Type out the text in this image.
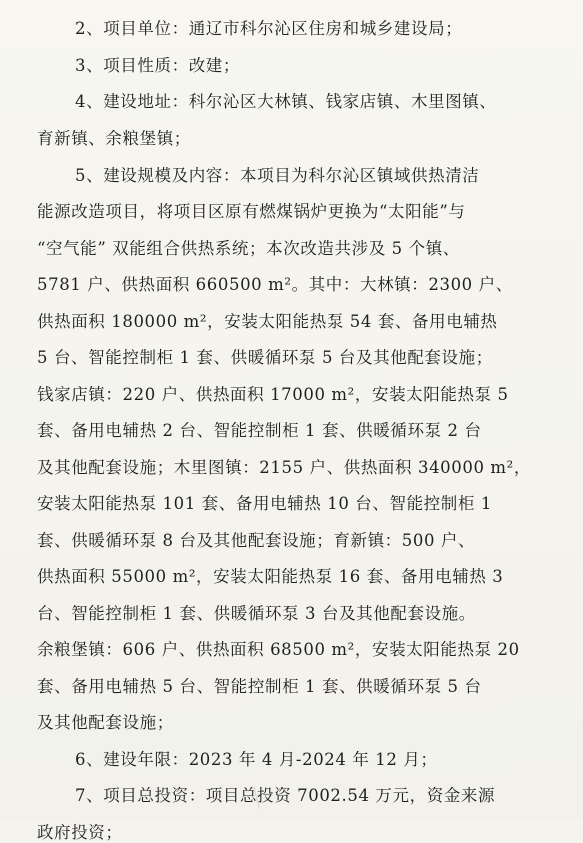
2、项目单位：通辽市科尔沁区住房和城乡建设局；
3、项目性质：改建；
4、建设地址：科尔沁区大林镇、钱家店镇、木里图镇、
育新镇、余粮堡镇；
5、建设规模及内容：本项目为科尔沁区镇域供热清洁
能源改造项目，将项目区原有燃煤锅炉更换为“太阳能”与
“空气能” 双能组合供热系统；本次改造共涉及 5 个镇、
5781 户、供热面积 660500 m²。其中：大林镇：2300 户、
供热面积 180000 m²，安装太阳能热泵 54 套、备用电辅热
5 台、智能控制柜 1 套、供暖循环泵 5 台及其他配套设施；
钱家店镇：220 户、供热面积 17000 m²，安装太阳能热泵 5
套、备用电辅热 2 台、智能控制柜 1 套、供暖循环泵 2 台
及其他配套设施；木里图镇：2155 户、供热面积 340000 m²，
安装太阳能热泵 101 套、备用电辅热 10 台、智能控制柜 1
套、供暖循环泵 8 台及其他配套设施；育新镇：500 户、
供热面积 55000 m²，安装太阳能热泵 16 套、备用电辅热 3
台、智能控制柜 1 套、供暖循环泵 3 台及其他配套设施。
余粮堡镇：606 户、供热面积 68500 m²，安装太阳能热泵 20
套、备用电辅热 5 台、智能控制柜 1 套、供暖循环泵 5 台
及其他配套设施；
6、建设年限：2023 年 4 月-2024 年 12 月；
7、项目总投资：项目总投资 7002.54 万元，资金来源
政府投资；
